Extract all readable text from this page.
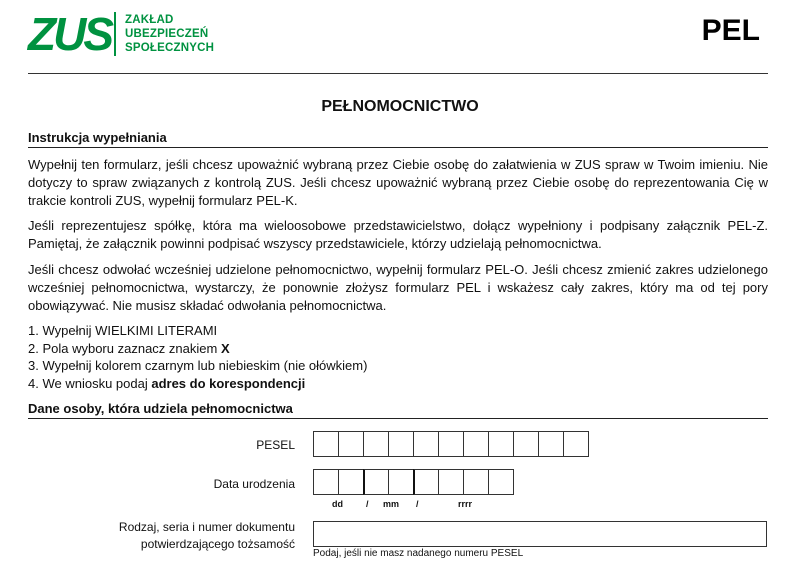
ZUS ZAKŁAD
UBEZPIECZEŃ
SPOŁECZNYCH
PEL
PEŁNOMOCNICTWO
Instrukcja wypełniania
Wypełnij ten formularz, jeśli chcesz upoważnić wybraną przez Ciebie osobę do załatwienia w ZUS spraw w Twoim imieniu. Nie dotyczy to spraw związanych z kontrolą ZUS. Jeśli chcesz upoważnić wybraną przez Ciebie osobę do reprezentowania Cię w trakcie kontroli ZUS, wypełnij formularz PEL-K.
Jeśli reprezentujesz spółkę, która ma wieloosobowe przedstawicielstwo, dołącz wypełniony i podpisany załącznik PEL-Z. Pamiętaj, że załącznik powinni podpisać wszyscy przedstawiciele, którzy udzielają pełnomocnictwa.
Jeśli chcesz odwołać wcześniej udzielone pełnomocnictwo, wypełnij formularz PEL-O. Jeśli chcesz zmienić zakres udzielonego wcześniej pełnomocnictwa, wystarczy, że ponownie złożysz formularz PEL i wskażesz cały zakres, który ma od tej pory obowiązywać. Nie musisz składać odwołania pełnomocnictwa.
1. Wypełnij WIELKIMI LITERAMI
2. Pola wyboru zaznacz znakiem X
3. Wypełnij kolorem czarnym lub niebieskim (nie ołówkiem)
4. We wniosku podaj adres do korespondencji
Dane osoby, która udziela pełnomocnictwa
PESEL
Data urodzenia
dd	/ mm /	rrrr
Rodzaj, seria i numer dokumentu
potwierdzającego tożsamość
Podaj, jeśli nie masz nadanego numeru PESEL
